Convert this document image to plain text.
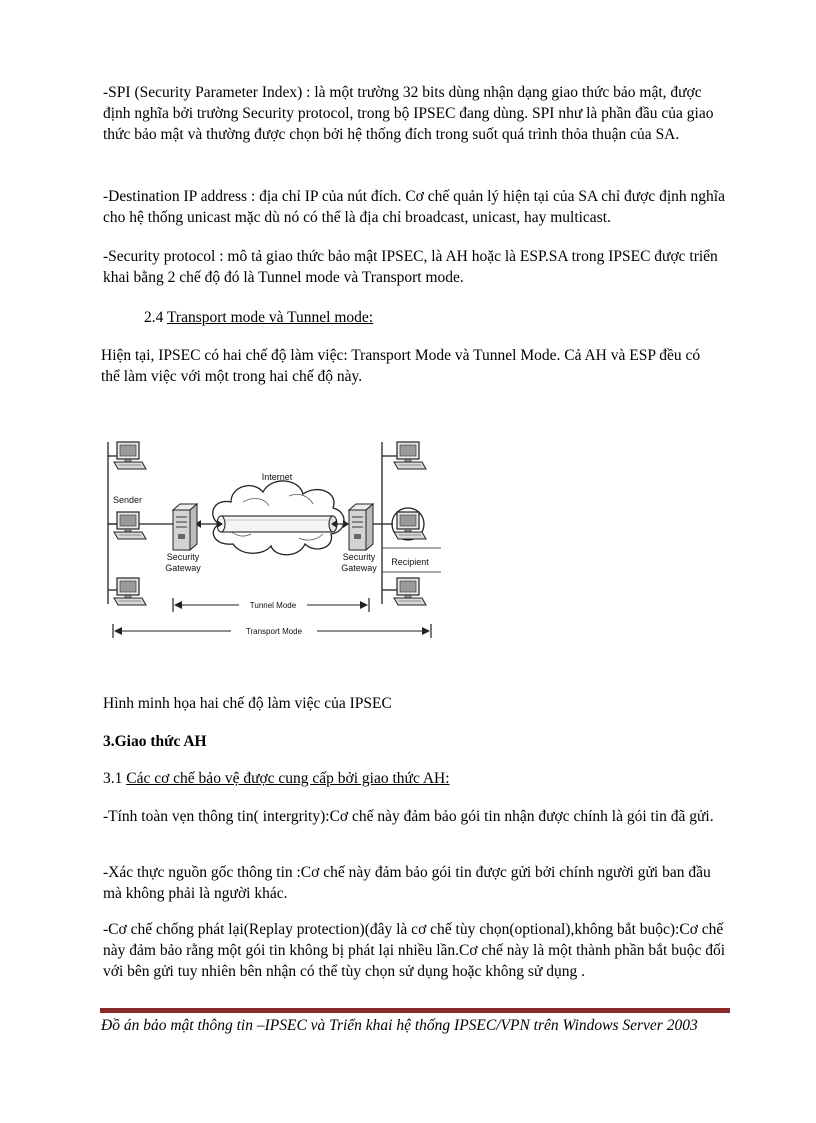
-SPI (Security Parameter Index) : là một trường 32 bits dùng nhận dạng giao thức bảo mật, được định nghĩa bởi trường Security protocol, trong bộ IPSEC đang dùng. SPI như là phần đầu của giao thức bảo mật và thường được chọn bởi hệ thống đích trong suốt quá trình thỏa thuận của SA.

-Destination IP address : địa chỉ IP của nút đích. Cơ chế quản lý hiện tại của SA chỉ được định nghĩa cho hệ thống unicast mặc dù nó có thể là địa chỉ broadcast, unicast, hay multicast.

-Security protocol : mô tả giao thức bảo mật IPSEC, là AH hoặc là ESP.SA trong IPSEC được triển khai bằng 2 chế độ đó là Tunnel mode và Transport mode.

2.4 Transport mode và Tunnel mode:

Hiện tại, IPSEC có hai chế độ làm việc: Transport Mode và Tunnel Mode. Cả AH và ESP đều có thể làm việc với một trong hai chế độ này.

Internet
Sender
Security
Gateway
Security
Gateway
Recipient
Tunnel Mode
Transport Mode

Hình minh họa hai chế độ làm việc của IPSEC

3.Giao thức AH

3.1 Các cơ chế bảo vệ được cung cấp bởi giao thức AH:

-Tính toàn vẹn thông tin( intergrity):Cơ chế này đảm bảo gói tin nhận được chính là gói tin đã gửi.

-Xác thực nguồn gốc thông tin :Cơ chế này đảm bảo gói tin được gửi bởi chính người gửi ban đầu mà không phải là người khác.

-Cơ chế chống phát lại(Replay protection)(đây là cơ chế tùy chọn(optional),không bắt buộc):Cơ chế này đảm bảo rằng một gói tin không bị phát lại nhiều lần.Cơ chế này là một thành phần bắt buộc đối với bên gửi tuy nhiên bên nhận có thể tùy chọn sử dụng hoặc không sử dụng .

Đồ án bảo mật thông tin –IPSEC và Triển khai hệ thống IPSEC/VPN trên Windows Server 2003
